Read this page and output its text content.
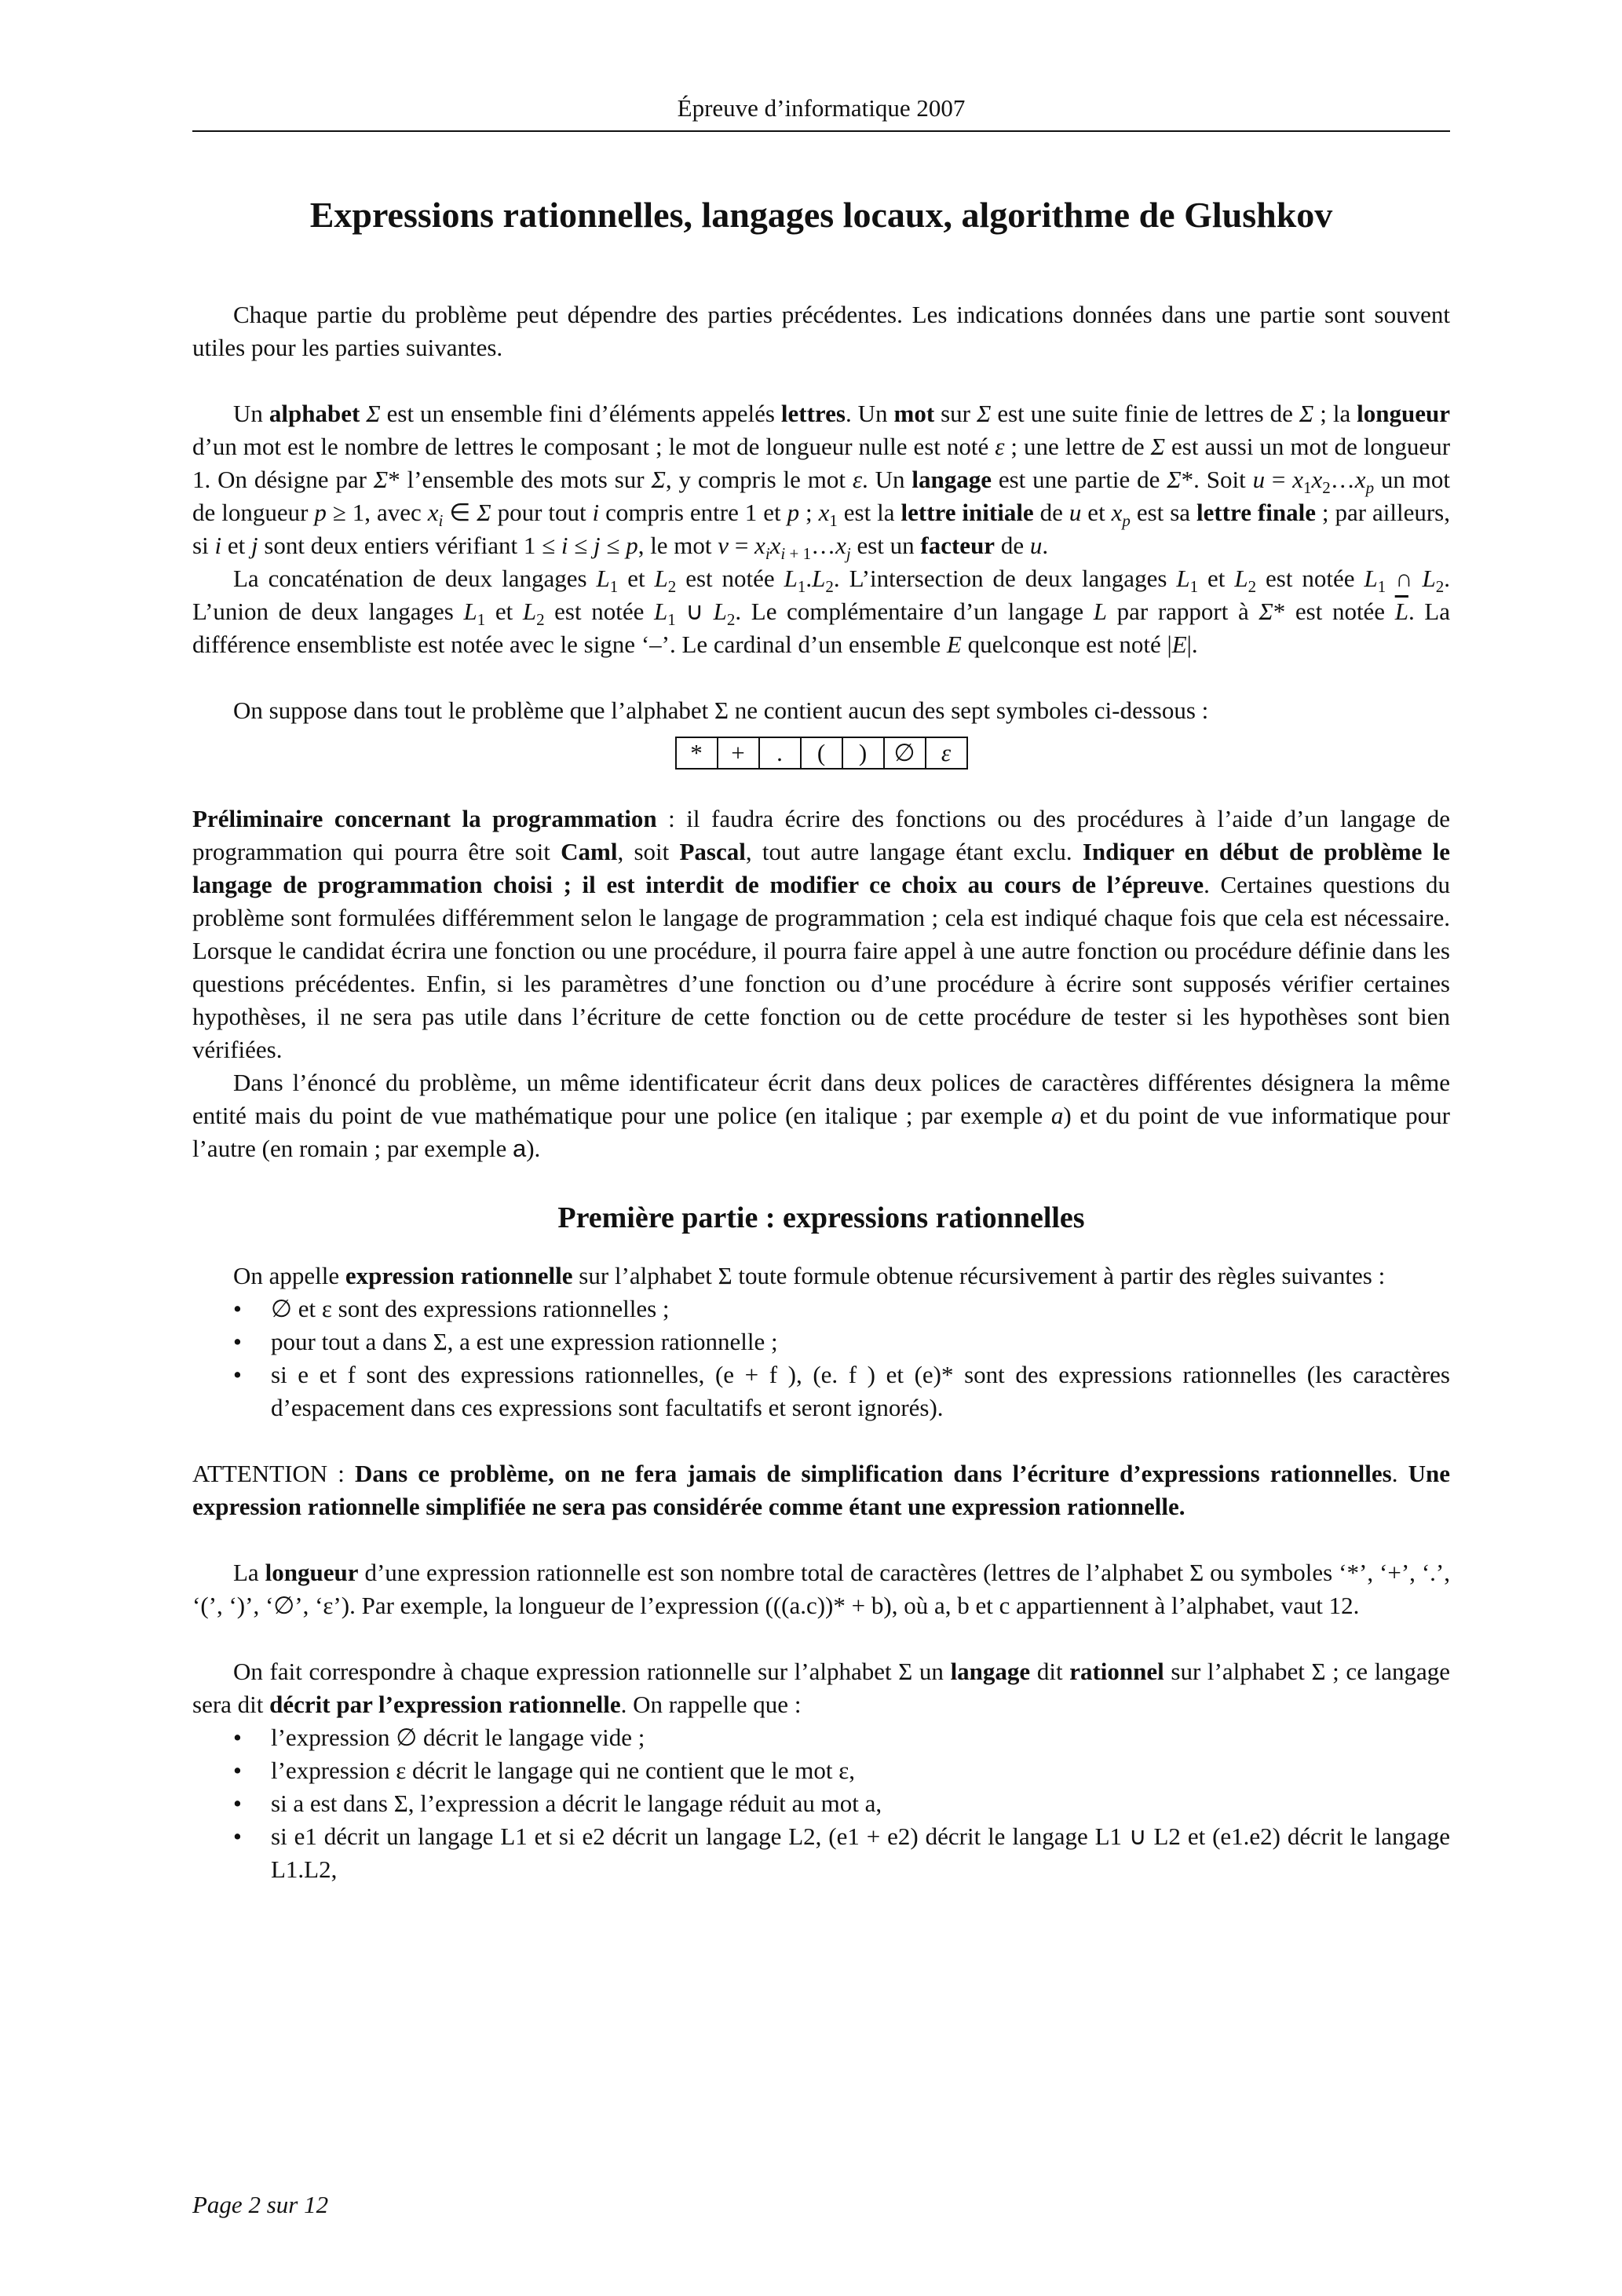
Épreuve d’informatique 2007
Expressions rationnelles, langages locaux, algorithme de Glushkov

Chaque partie du problème peut dépendre des parties précédentes. Les indications données dans une partie sont souvent utiles pour les parties suivantes.

Un alphabet Σ est un ensemble fini d’éléments appelés lettres. Un mot sur Σ est une suite finie de lettres de Σ ; la longueur d’un mot est le nombre de lettres le composant ; le mot de longueur nulle est noté ε ; une lettre de Σ est aussi un mot de longueur 1. On désigne par Σ* l’ensemble des mots sur Σ, y compris le mot ε. Un langage est une partie de Σ*. Soit $u = x_1x_2\dots x_p$ un mot de longueur p ≥ 1, avec $x_i$ ∈ Σ pour tout i compris entre 1 et p ; $x_1$ est la lettre initiale de u et $x_p$ est sa lettre finale ; par ailleurs, si i et j sont deux entiers vérifiant 1 ≤ i ≤ j ≤ p, le mot $v = x_ix_{i + 1}\dots x_j$ est un facteur de u.

La concaténation de deux langages $L_1$ et $L_2$ est notée $L_1.L_2$. L’intersection de deux langages $L_1$ et $L_2$ est notée $L_1$ ∩ $L_2$. L’union de deux langages $L_1$ et $L_2$ est notée $L_1$ ∪ $L_2$. Le complémentaire d’un langage L par rapport à Σ* est notée $\overline{L}$. La différence ensembliste est notée avec le signe ‘–’. Le cardinal d’un ensemble E quelconque est noté |E|.

On suppose dans tout le problème que l’alphabet Σ ne contient aucun des sept symboles ci-dessous :

*	+	.	(	)	∅	ε

Préliminaire concernant la programmation : il faudra écrire des fonctions ou des procédures à l’aide d’un langage de programmation qui pourra être soit Caml, soit Pascal, tout autre langage étant exclu. Indiquer en début de problème le langage de programmation choisi ; il est interdit de modifier ce choix au cours de l’épreuve. Certaines questions du problème sont formulées différemment selon le langage de programmation ; cela est indiqué chaque fois que cela est nécessaire. Lorsque le candidat écrira une fonction ou une procédure, il pourra faire appel à une autre fonction ou procédure définie dans les questions précédentes. Enfin, si les paramètres d’une fonction ou d’une procédure à écrire sont supposés vérifier certaines hypothèses, il ne sera pas utile dans l’écriture de cette fonction ou de cette procédure de tester si les hypothèses sont bien vérifiées.

Dans l’énoncé du problème, un même identificateur écrit dans deux polices de caractères différentes désignera la même entité mais du point de vue mathématique pour une police (en italique ; par exemple a) et du point de vue informatique pour l’autre (en romain ; par exemple a).

Première partie : expressions rationnelles

On appelle expression rationnelle sur l’alphabet Σ toute formule obtenue récursivement à partir des règles suivantes :

• ∅ et ε sont des expressions rationnelles ;
• pour tout a dans Σ, a est une expression rationnelle ;
• si e et f sont des expressions rationnelles, (e + f ), (e. f ) et (e)* sont des expressions rationnelles (les caractères d’espacement dans ces expressions sont facultatifs et seront ignorés).

ATTENTION : Dans ce problème, on ne fera jamais de simplification dans l’écriture d’expressions rationnelles. Une expression rationnelle simplifiée ne sera pas considérée comme étant une expression rationnelle.

La longueur d’une expression rationnelle est son nombre total de caractères (lettres de l’alphabet Σ ou symboles ‘*’, ‘+’, ‘.’, ‘(’, ‘)’, ‘∅’, ‘ε’). Par exemple, la longueur de l’expression (((a.c))* + b), où a, b et c appartiennent à l’alphabet, vaut 12.

On fait correspondre à chaque expression rationnelle sur l’alphabet Σ un langage dit rationnel sur l’alphabet Σ ; ce langage sera dit décrit par l’expression rationnelle. On rappelle que :

• l’expression ∅ décrit le langage vide ;
• l’expression ε décrit le langage qui ne contient que le mot ε,
• si a est dans Σ, l’expression a décrit le langage réduit au mot a,
• si e1 décrit un langage L1 et si e2 décrit un langage L2, (e1 + e2) décrit le langage L1 ∪ L2 et (e1.e2) décrit le langage L1.L2,
Page 2 sur 12
